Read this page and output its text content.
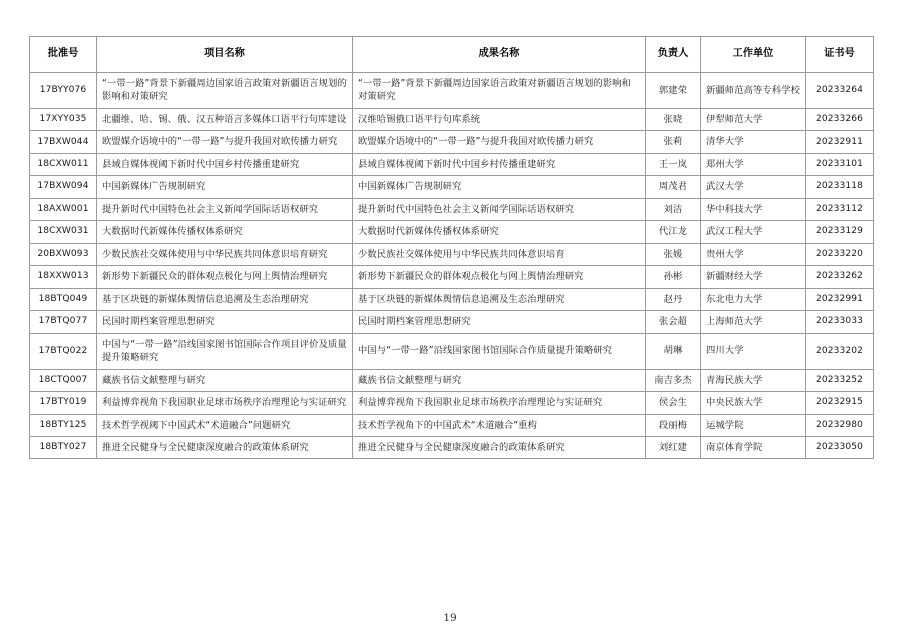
批准号	项目名称	成果名称	负责人	工作单位	证书号
17BYY076	“一带一路”背景下新疆周边国家语言政策对新疆语言规划的影响和对策研究	“一带一路”背景下新疆周边国家语言政策对新疆语言规划的影响和对策研究	郭建荣	新疆师范高等专科学校	20233264
17XYY035	北疆维、哈、锡、俄、汉五种语言多媒体口语平行句库建设	汉维哈锡俄口语平行句库系统	张晓	伊犁师范大学	20233266
17BXW044	欧盟媒介语境中的“一带一路”与提升我国对欧传播力研究	欧盟媒介语境中的“一带一路”与提升我国对欧传播力研究	张莉	清华大学	20232911
18CXW011	县域自媒体视阈下新时代中国乡村传播重建研究	县域自媒体视阈下新时代中国乡村传播重建研究	王一岚	郑州大学	20233101
17BXW094	中国新媒体广告规制研究	中国新媒体广告规制研究	周茂君	武汉大学	20233118
18AXW001	提升新时代中国特色社会主义新闻学国际话语权研究	提升新时代中国特色社会主义新闻学国际话语权研究	刘洁	华中科技大学	20233112
18CXW031	大数据时代新媒体传播权体系研究	大数据时代新媒体传播权体系研究	代江龙	武汉工程大学	20233129
20BXW093	少数民族社交媒体使用与中华民族共同体意识培育研究	少数民族社交媒体使用与中华民族共同体意识培育	张媛	贵州大学	20233220
18XXW013	新形势下新疆民众的群体观点极化与网上舆情治理研究	新形势下新疆民众的群体观点极化与网上舆情治理研究	孙彬	新疆财经大学	20233262
18BTQ049	基于区块链的新媒体舆情信息追溯及生态治理研究	基于区块链的新媒体舆情信息追溯及生态治理研究	赵丹	东北电力大学	20232991
17BTQ077	民国时期档案管理思想研究	民国时期档案管理思想研究	张会超	上海师范大学	20233033
17BTQ022	中国与“一带一路”沿线国家图书馆国际合作项目评价及质量提升策略研究	中国与“一带一路”沿线国家图书馆国际合作质量提升策略研究	胡琳	四川大学	20233202
18CTQ007	藏族书信文献整理与研究	藏族书信文献整理与研究	南吉多杰	青海民族大学	20233252
17BTY019	利益博弈视角下我国职业足球市场秩序治理理论与实证研究	利益博弈视角下我国职业足球市场秩序治理理论与实证研究	侯会生	中央民族大学	20232915
18BTY125	技术哲学视阈下中国武术“术道融合”问题研究	技术哲学视角下的中国武术“术道融合”重构	段丽梅	运城学院	20232980
18BTY027	推进全民健身与全民健康深度融合的政策体系研究	推进全民健身与全民健康深度融合的政策体系研究	刘红建	南京体育学院	20233050
19
